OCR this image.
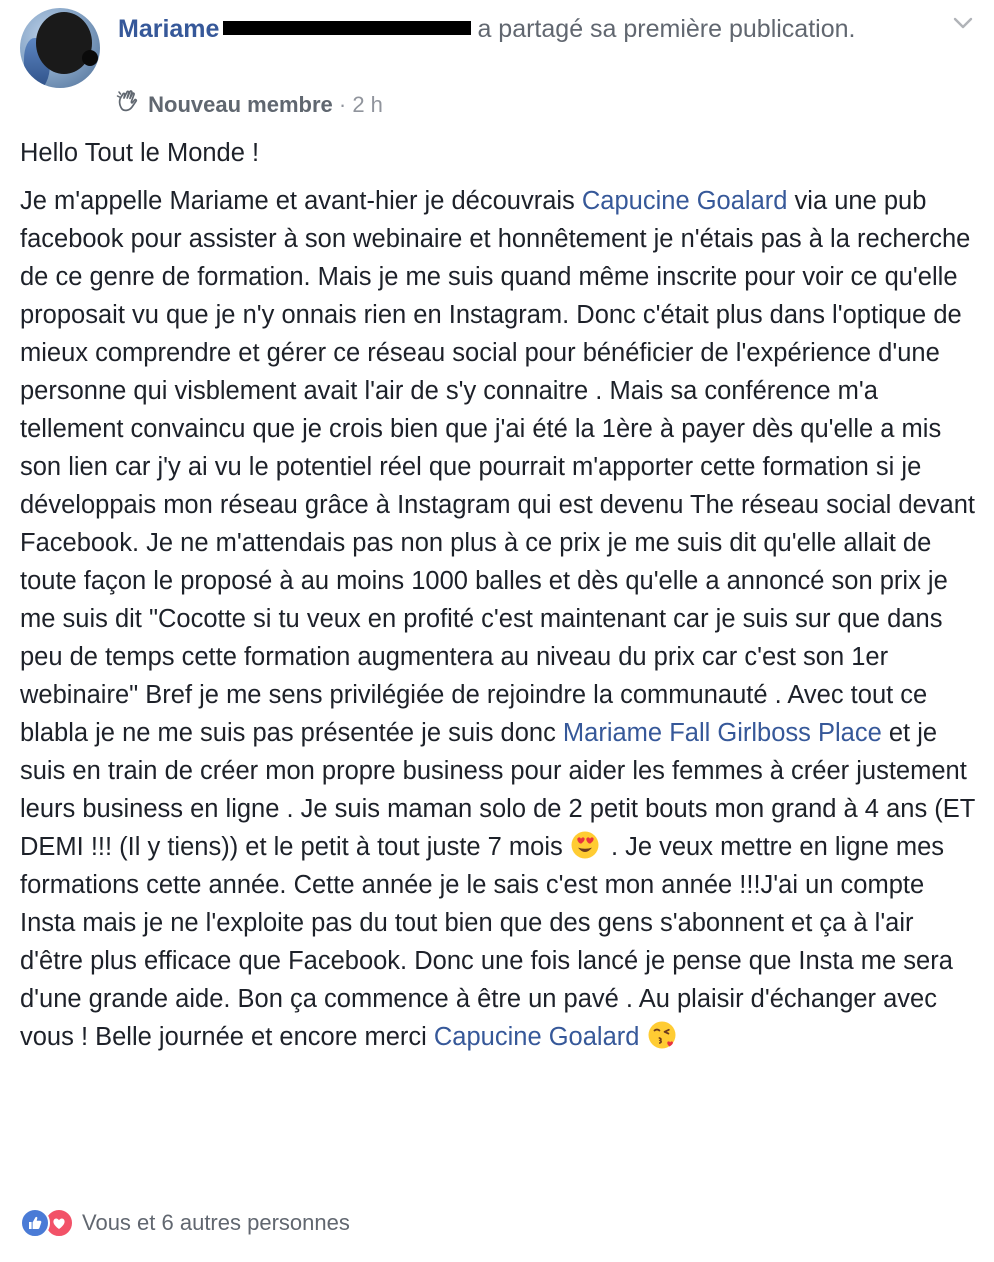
Mariame	a partagé sa première publication.
Nouveau membre · 2 h

Hello Tout le Monde !

Je m'appelle Mariame et avant-hier je découvrais Capucine Goalard via une pub facebook pour assister à son webinaire et honnêtement je n'étais pas à la recherche de ce genre de formation. Mais je me suis quand même inscrite pour voir ce qu'elle proposait vu que je n'y onnais rien en Instagram. Donc c'était plus dans l'optique de mieux comprendre et gérer ce réseau social pour bénéficier de l'expérience d'une personne qui visblement avait l'air de s'y connaitre . Mais sa conférence m'a tellement convaincu que je crois bien que j'ai été la 1ère à payer dès qu'elle a mis son lien car j'y ai vu le potentiel réel que pourrait m'apporter cette formation si je développais mon réseau grâce à Instagram qui est devenu The réseau social devant Facebook. Je ne m'attendais pas non plus à ce prix je me suis dit qu'elle allait de toute façon le proposé à au moins 1000 balles et dès qu'elle a annoncé son prix je me suis dit "Cocotte si tu veux en profité c'est maintenant car je suis sur que dans peu de temps cette formation augmentera au niveau du prix car c'est son 1er webinaire" Bref je me sens privilégiée de rejoindre la communauté . Avec tout ce blabla je ne me suis pas présentée je suis donc Mariame Fall Girlboss Place et je suis en train de créer mon propre business pour aider les femmes à créer justement leurs business en ligne . Je suis maman solo de 2 petit bouts mon grand à 4 ans (ET DEMI !!! (Il y tiens)) et le petit à tout juste 7 mois  . Je veux mettre en ligne mes formations cette année. Cette année je le sais c'est mon année !!!J'ai un compte Insta mais je ne l'exploite pas du tout bien que des gens s'abonnent et ça à l'air d'être plus efficace que Facebook. Donc une fois lancé je pense que Insta me sera d'une grande aide. Bon ça commence à être un pavé . Au plaisir d'échanger avec vous ! Belle journée et encore merci Capucine Goalard

Vous et 6 autres personnes
